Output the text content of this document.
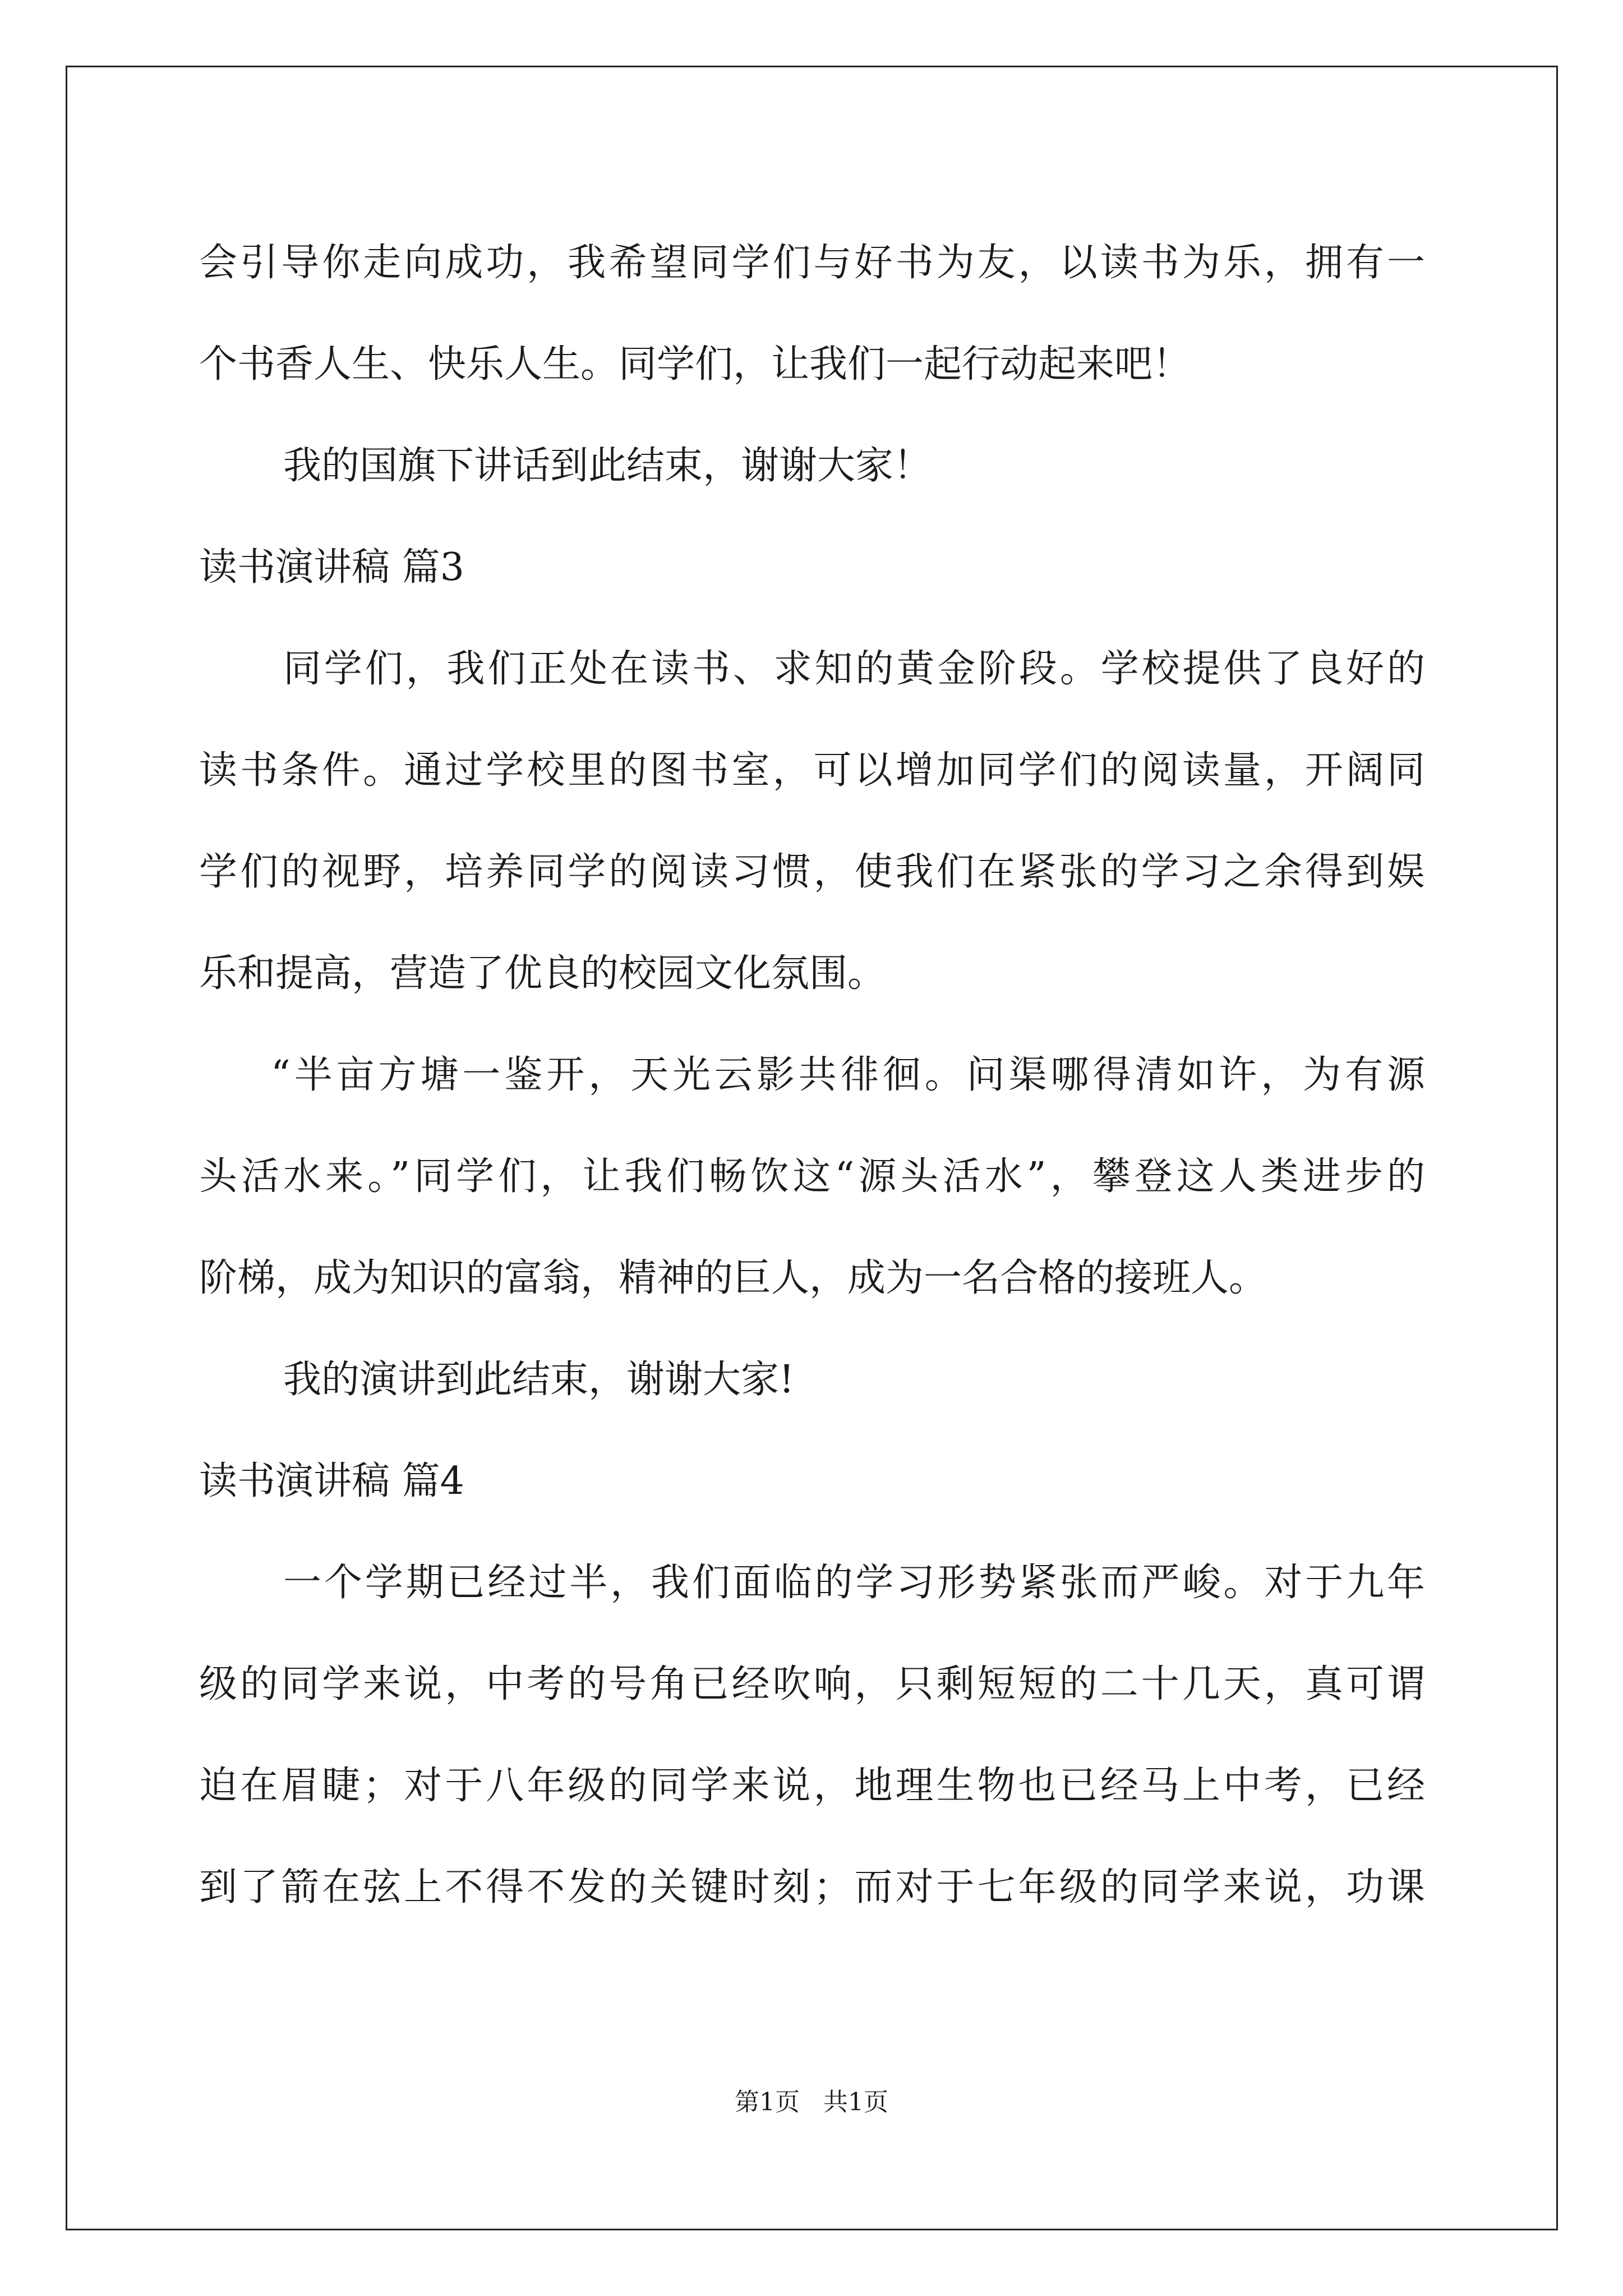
会引导你走向成功，我希望同学们与好书为友，以读书为乐，拥有一
个书香人生、快乐人生。同学们，让我们一起行动起来吧！
我的国旗下讲话到此结束，谢谢大家！
读书演讲稿 篇3
同学们，我们正处在读书、求知的黄金阶段。学校提供了良好的
读书条件。通过学校里的图书室，可以增加同学们的阅读量，开阔同
学们的视野，培养同学的阅读习惯，使我们在紧张的学习之余得到娱
乐和提高，营造了优良的校园文化氛围。
“半亩方塘一鉴开，天光云影共徘徊。问渠哪得清如许，为有源
头活水来。”同学们，让我们畅饮这“源头活水”，攀登这人类进步的
阶梯，成为知识的富翁，精神的巨人，成为一名合格的接班人。
我的演讲到此结束，谢谢大家!
读书演讲稿 篇4
一个学期已经过半，我们面临的学习形势紧张而严峻。对于九年
级的同学来说，中考的号角已经吹响，只剩短短的二十几天，真可谓
迫在眉睫；对于八年级的同学来说，地理生物也已经马上中考，已经
到了箭在弦上不得不发的关键时刻；而对于七年级的同学来说，功课
第1页 共1页
